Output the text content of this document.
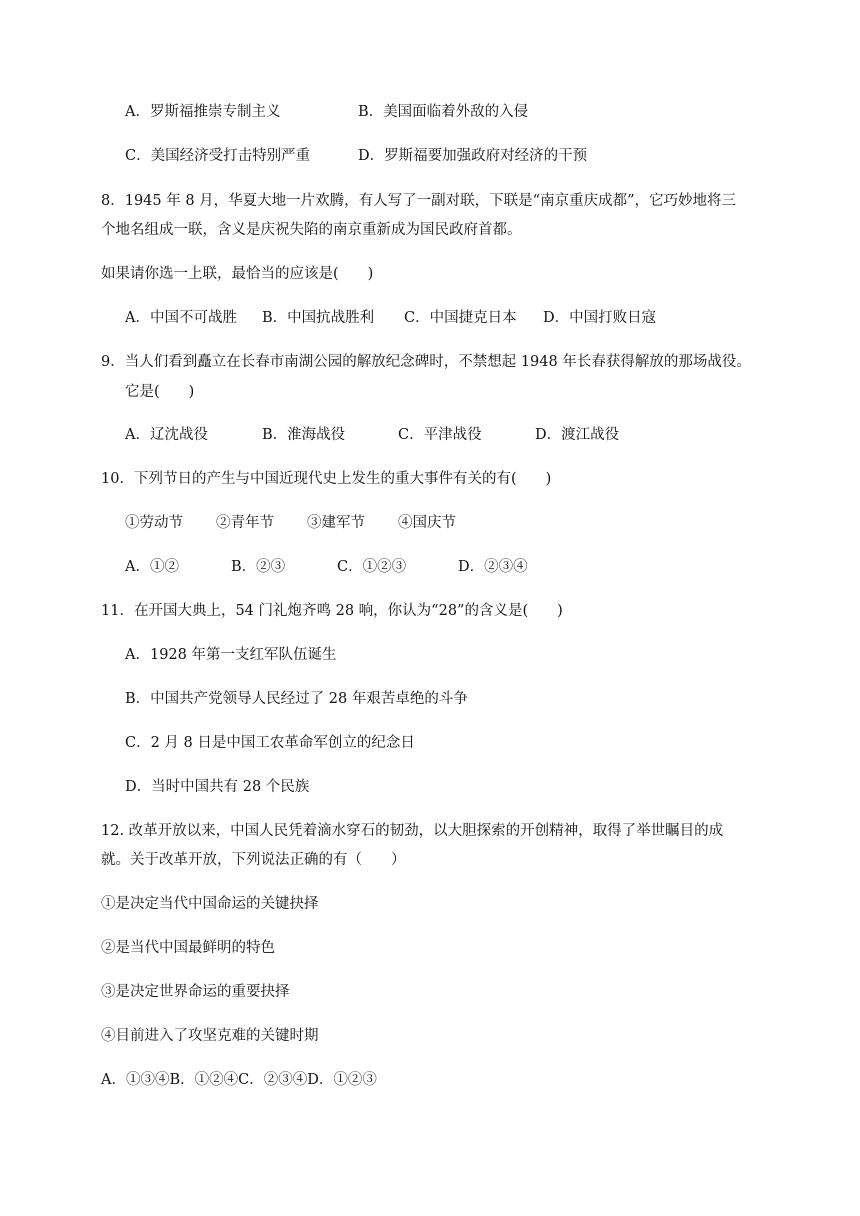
A．罗斯福推崇专制主义	B．美国面临着外敌的入侵
C．美国经济受打击特别严重	D．罗斯福要加强政府对经济的干预
8．1945 年 8 月，华夏大地一片欢腾，有人写了一副对联，下联是“南京重庆成都”，它巧妙地将三
个地名组成一联，含义是庆祝失陷的南京重新成为国民政府首都。
如果请你选一上联，最恰当的应该是(　　)
A．中国不可战胜 B．中国抗战胜利 C．中国捷克日本 D．中国打败日寇
9．当人们看到矗立在长春市南湖公园的解放纪念碑时，不禁想起 1948 年长春获得解放的那场战役。
它是(　　)
A．辽沈战役	B．淮海战役	C．平津战役	D．渡江战役
10．下列节日的产生与中国近现代史上发生的重大事件有关的有(　　)
①劳动节 ②青年节 ③建军节 ④国庆节
A．①②	B．②③	C．①②③	D．②③④
11．在开国大典上，54 门礼炮齐鸣 28 响，你认为“28”的含义是(　　)
A．1928 年第一支红军队伍诞生
B．中国共产党领导人民经过了 28 年艰苦卓绝的斗争
C．2 月 8 日是中国工农革命军创立的纪念日
D．当时中国共有 28 个民族
12. 改革开放以来，中国人民凭着滴水穿石的韧劲，以大胆探索的开创精神，取得了举世瞩目的成
就。关于改革开放，下列说法正确的有（　　）
①是决定当代中国命运的关键抉择
②是当代中国最鲜明的特色
③是决定世界命运的重要抉择
④目前进入了攻坚克难的关键时期
A．①③④B．①②④C．②③④D．①②③
